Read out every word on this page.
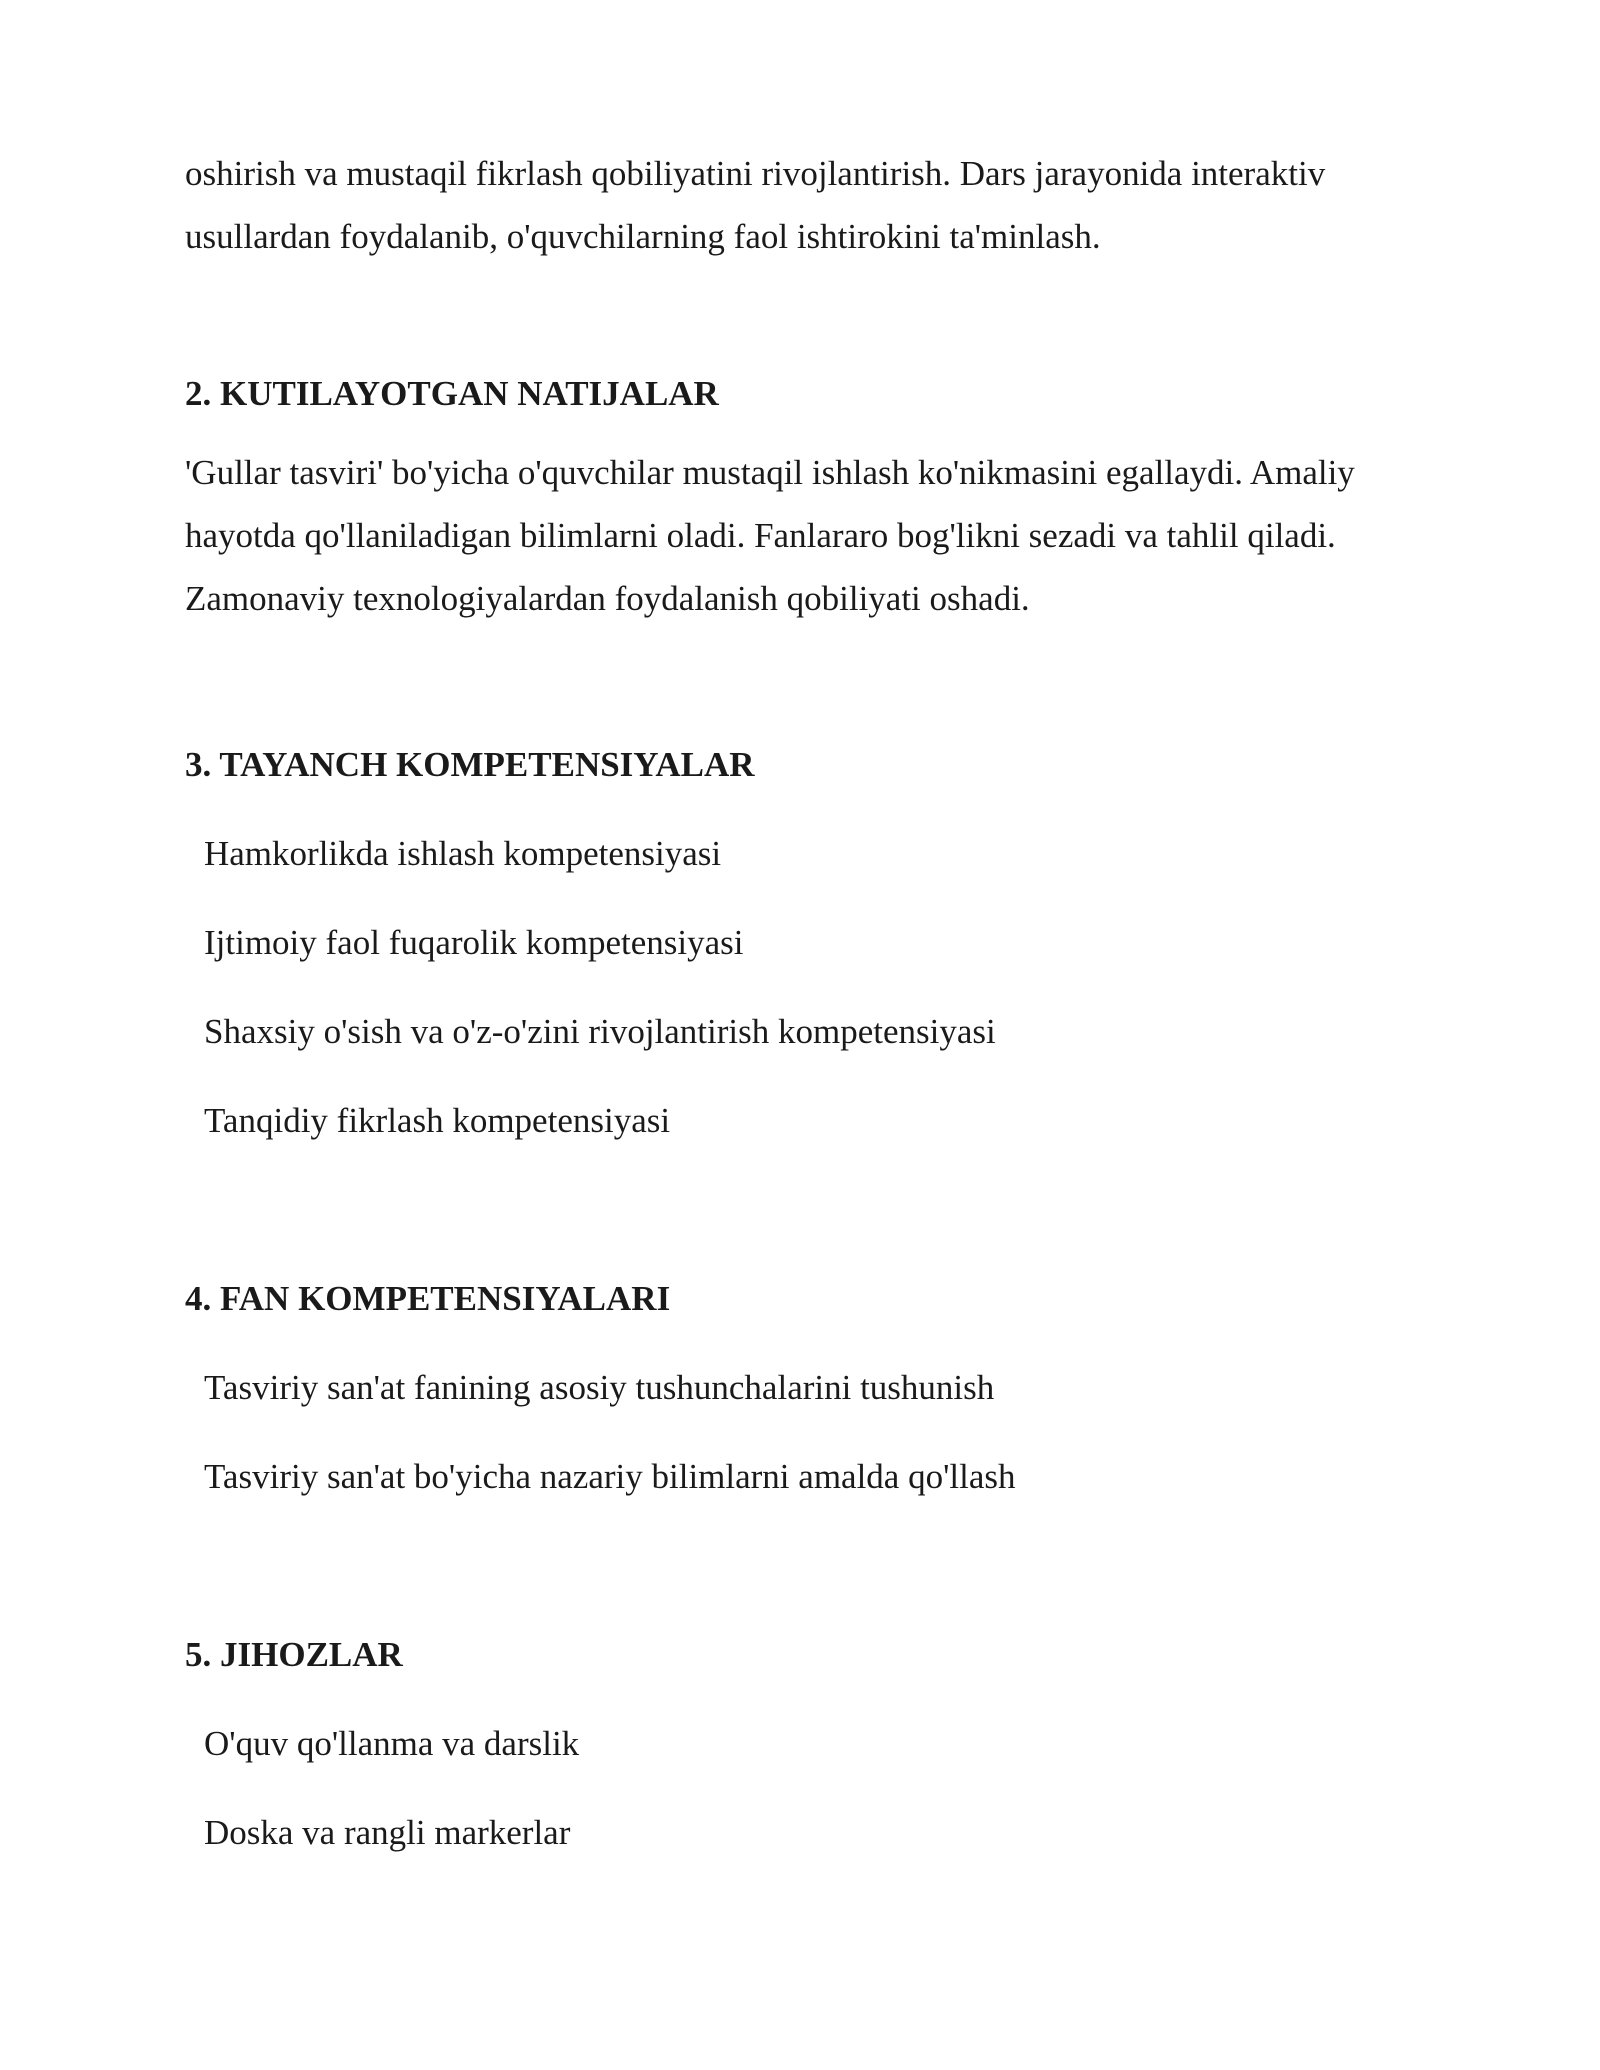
oshirish va mustaqil fikrlash qobiliyatini rivojlantirish. Dars jarayonida interaktiv usullardan foydalanib, o'quvchilarning faol ishtirokini ta'minlash.

2. KUTILAYOTGAN NATIJALAR

'Gullar tasviri' bo'yicha o'quvchilar mustaqil ishlash ko'nikmasini egallaydi. Amaliy hayotda qo'llaniladigan bilimlarni oladi. Fanlararo bog'likni sezadi va tahlil qiladi. Zamonaviy texnologiyalardan foydalanish qobiliyati oshadi.

3. TAYANCH KOMPETENSIYALAR

Hamkorlikda ishlash kompetensiyasi

Ijtimoiy faol fuqarolik kompetensiyasi

Shaxsiy o'sish va o'z-o'zini rivojlantirish kompetensiyasi

Tanqidiy fikrlash kompetensiyasi

4. FAN KOMPETENSIYALARI

Tasviriy san'at fanining asosiy tushunchalarini tushunish

Tasviriy san'at bo'yicha nazariy bilimlarni amalda qo'llash

5. JIHOZLAR

O'quv qo'llanma va darslik

Doska va rangli markerlar
